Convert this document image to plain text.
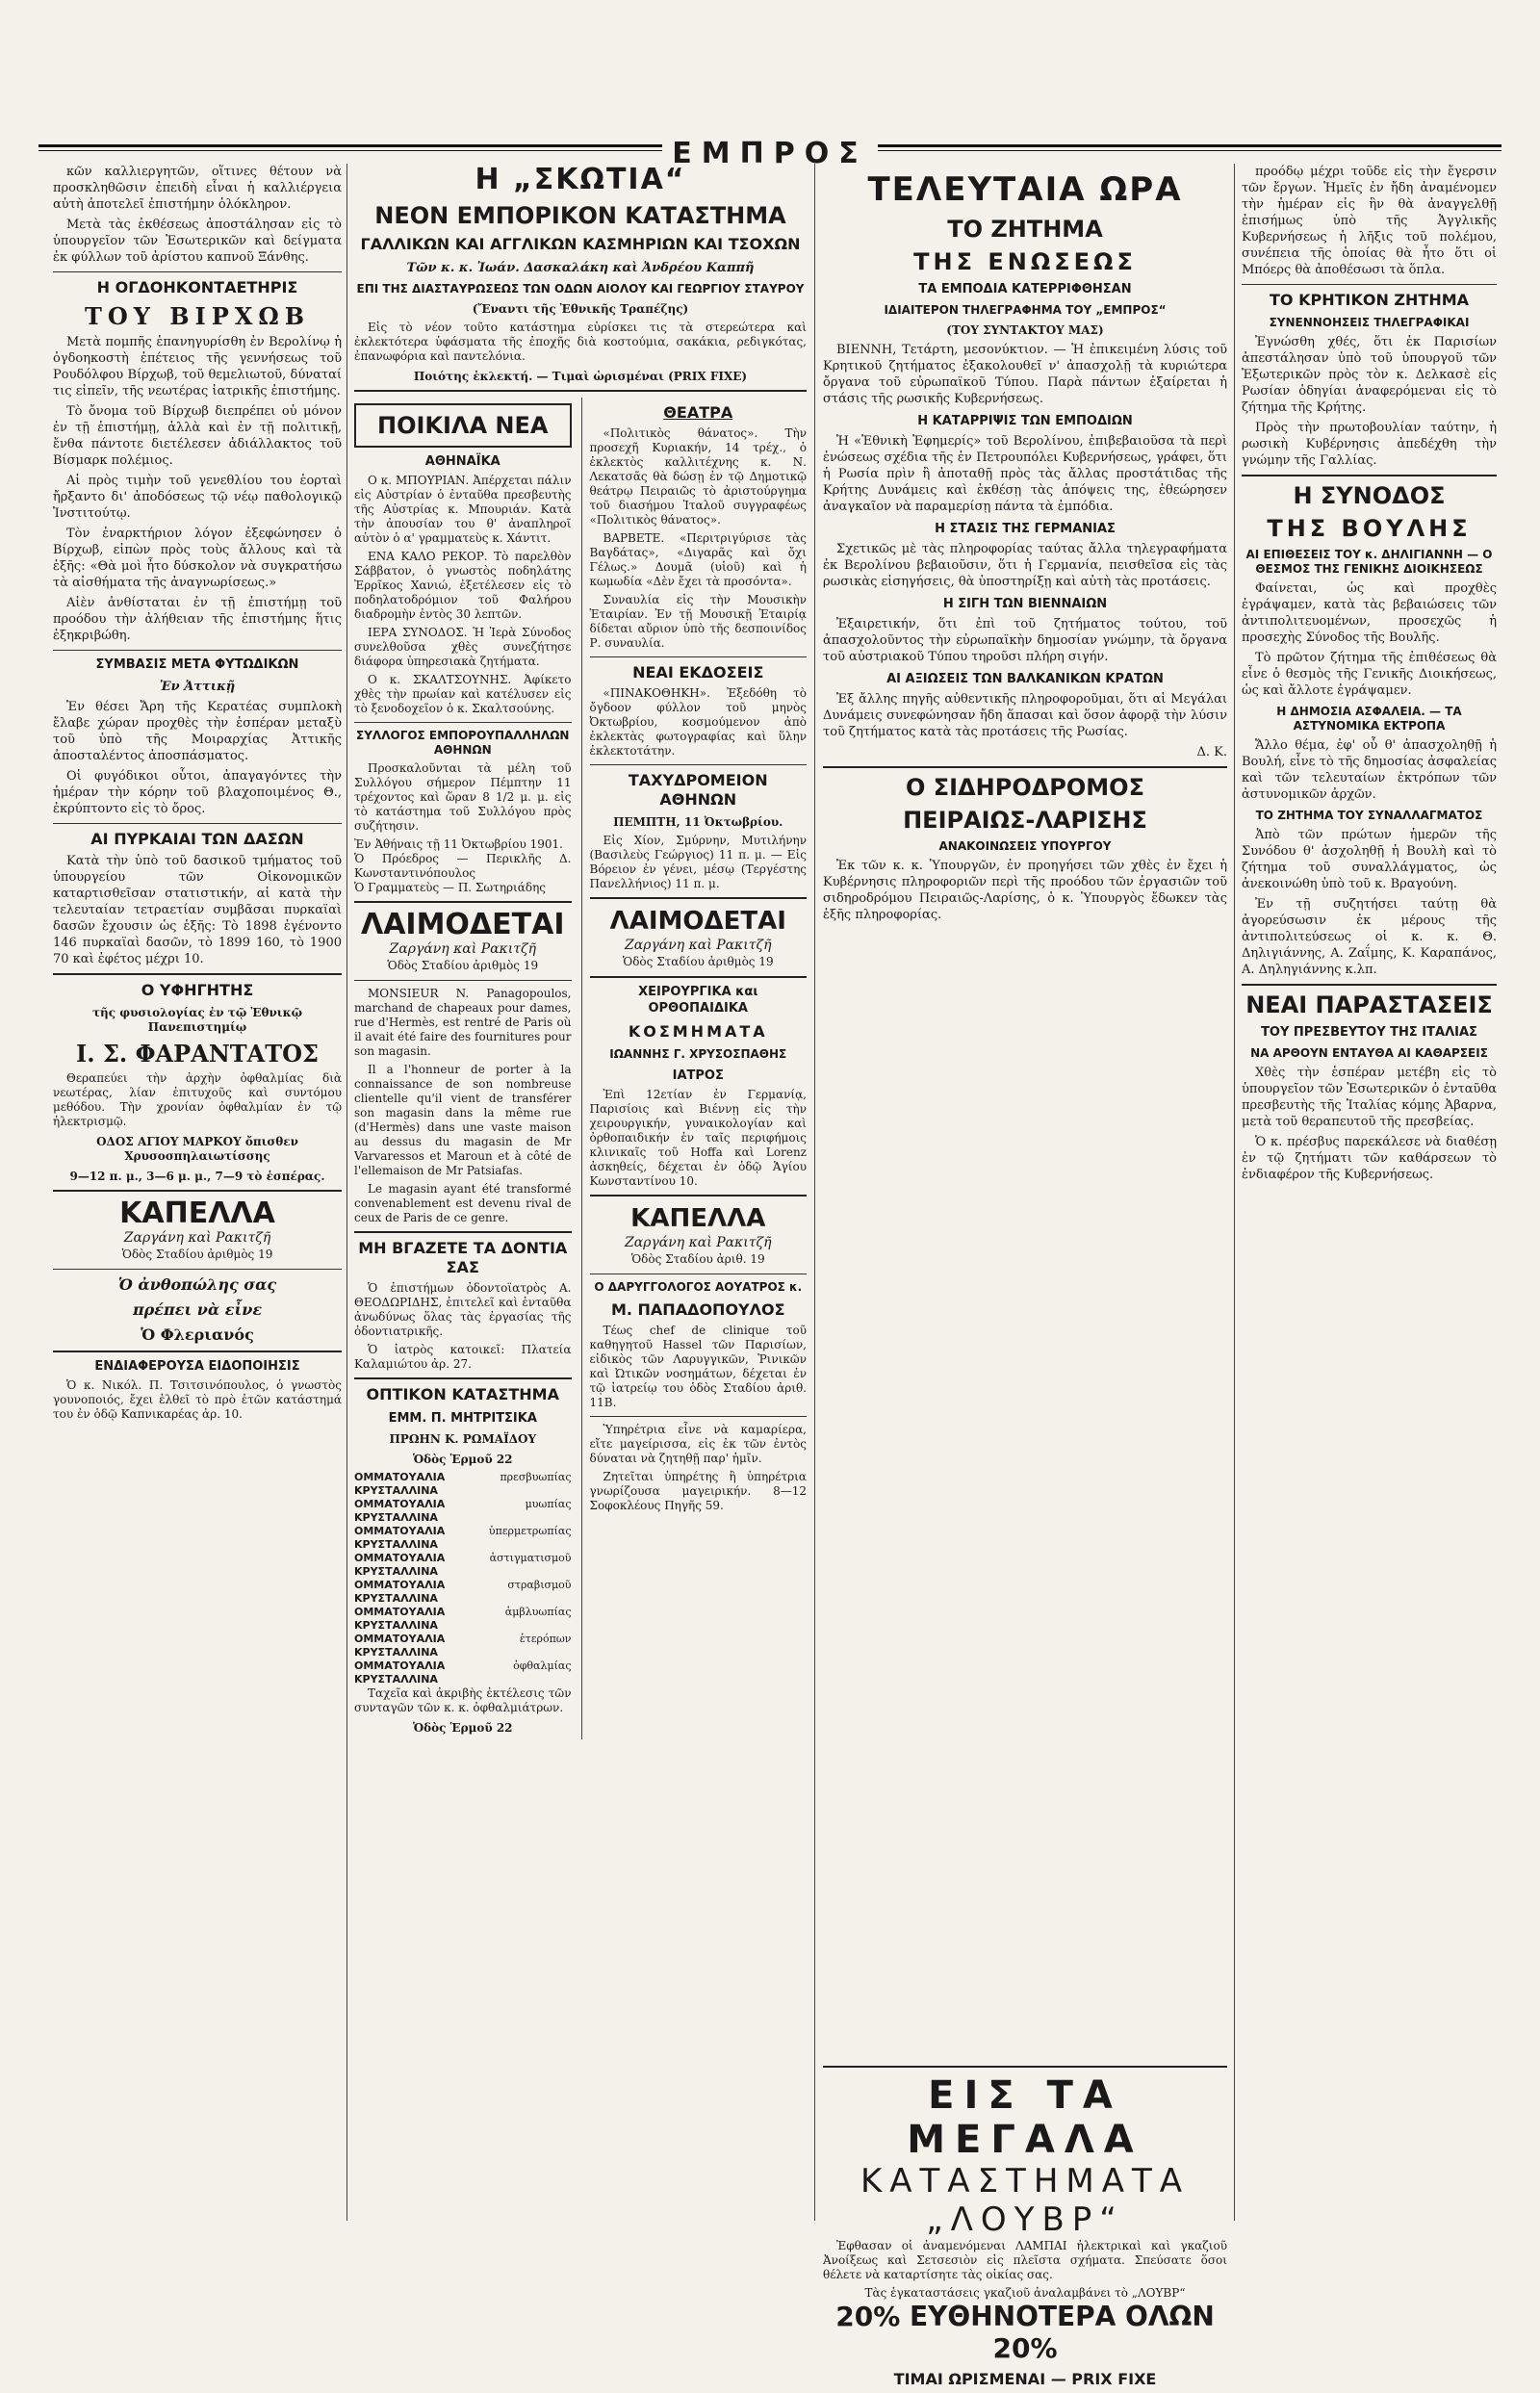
ΕΜΠΡΟΣ

κῶν καλλιεργητῶν, οἵτινες θέτουν νὰ προσκληθῶσιν ἐπειδὴ εἶναι ἡ καλλιέργεια αὐτὴ ἀποτελεῖ ἐπιστήμην ὁλόκληρον.

Μετὰ τὰς ἐκθέσεως ἀποστάλησαν εἰς τὸ ὑπουργεῖον τῶν Ἐσωτερικῶν καὶ δείγματα ἐκ φύλλων τοῦ ἀρίστου καπνοῦ Ξάνθης.

Η ΟΓΔΟΗΚΟΝΤΑΕΤΗΡΙΣ
ΤΟΥ ΒΙΡΧΩΒ

Μετὰ πομπῆς ἑπανηγυρίσθη ἐν Βερολίνῳ ἡ ὀγδοηκοστὴ ἐπέτειος τῆς γεννήσεως τοῦ Ρουδόλφου Βίρχωβ, τοῦ θεμελιωτοῦ, δύναταί τις εἰπεῖν, τῆς νεωτέρας ἰατρικῆς ἐπιστήμης.

Τὸ ὄνομα τοῦ Βίρχωβ διεπρέπει οὐ μόνον ἐν τῇ ἐπιστήμῃ, ἀλλὰ καὶ ἐν τῇ πολιτικῇ, ἔνθα πάντοτε διετέλεσεν ἀδιάλλακτος τοῦ Βίσμαρκ πολέμιος.

Αἱ πρὸς τιμὴν τοῦ γενεθλίου του ἑορταὶ ἤρξαντο δι' ἀποδόσεως τῷ νέῳ παθολογικῷ Ἰνστιτούτῳ.

Τὸν ἐναρκτήριον λόγον ἐξεφώνησεν ὁ Βίρχωβ, εἰπὼν πρὸς τοὺς ἄλλους καὶ τὰ ἑξῆς: «Θὰ μοὶ ἦτο δύσκολον νὰ συγκρατήσω τὰ αἰσθήματα τῆς ἀναγνωρίσεως.»

Αἰὲν ἀνθίσταται ἐν τῇ ἐπιστήμῃ τοῦ προόδου τὴν ἀλήθειαν τῆς ἐπιστήμης ἥτις ἐξηκριβώθη.

ΣΥΜΒΑΣΙΣ ΜΕΤΑ ΦΥΤΩΔΙΚΩΝ
Ἐν Ἀττικῇ

Ἐν θέσει Ἄρη τῆς Κερατέας συμπλοκὴ ἔλαβε χώραν προχθὲς τὴν ἑσπέραν μεταξὺ τοῦ ὑπὸ τῆς Μοιραρχίας Ἀττικῆς ἀποσταλέντος ἀποσπάσματος.

Οἱ φυγόδικοι οὗτοι, ἀπαγαγόντες τὴν ἡμέραν τὴν κόρην τοῦ βλαχοποιμένος Θ., ἐκρύπτοντο εἰς τὸ ὄρος.

ΑΙ ΠΥΡΚΑΙΑΙ ΤΩΝ ΔΑΣΩΝ

Κατὰ τὴν ὑπὸ τοῦ δασικοῦ τμήματος τοῦ ὑπουργείου τῶν Οἰκονομικῶν καταρτισθεῖσαν στατιστικήν, αἱ κατὰ τὴν τελευταίαν τετραετίαν συμβᾶσαι πυρκαϊαὶ δασῶν ἔχουσιν ὡς ἑξῆς: Τὸ 1898 ἐγένοντο 146 πυρκαϊαὶ δασῶν, τὸ 1899 160, τὸ 1900 70 καὶ ἐφέτος μέχρι 10.

Ο ΥΦΗΓΗΤΗΣ
τῆς φυσιολογίας ἐν τῷ Ἐθνικῷ Πανεπιστημίῳ
Ι. Σ. ΦΑΡΑΝΤΑΤΟΣ

Θεραπεύει τὴν ἀρχὴν ὀφθαλμίας διὰ νεωτέρας, λίαν ἐπιτυχοῦς καὶ συντόμου μεθόδου. Τὴν χρονίαν ὀφθαλμίαν ἐν τῷ ἠλεκτρισμῷ.

ΟΔΟΣ ΑΓΙΟΥ ΜΑΡΚΟΥ ὄπισθεν Χρυσοσπηλαιωτίσσης
9—12 π. μ., 3—6 μ. μ., 7—9 τὸ ἑσπέρας.
ΚΑΠΕΛΛΑ
Ζαργάνη καὶ Ρακιτζῆ
Ὁδὸς Σταδίου ἀριθμὸς 19
Ὁ ἀνθοπώλης σας
πρέπει νὰ εἶνε
Ὁ Φλεριανός
ΕΝΔΙΑΦΕΡΟΥΣΑ ΕΙΔΟΠΟΙΗΣΙΣ

Ὁ κ. Νικόλ. Π. Τσιτσινόπουλος, ὁ γνωστὸς γουνοποιός, ἔχει ἐλθεῖ τὸ πρὸ ἐτῶν κατάστημά του ἐν ὁδῷ Καπνικαρέας ἀρ. 10.

Η „ΣΚΩΤΙΑ“
ΝΕΟΝ ΕΜΠΟΡΙΚΟΝ ΚΑΤΑΣΤΗΜΑ
ΓΑΛΛΙΚΩΝ ΚΑΙ ΑΓΓΛΙΚΩΝ ΚΑΣΜΗΡΙΩΝ ΚΑΙ ΤΣΟΧΩΝ
Τῶν κ. κ. Ἰωάν. Δασκαλάκη καὶ Ἀνδρέου Καππῆ
ΕΠΙ ΤΗΣ ΔΙΑΣΤΑΥΡΩΣΕΩΣ ΤΩΝ ΟΔΩΝ ΑΙΟΛΟΥ ΚΑΙ ΓΕΩΡΓΙΟΥ ΣΤΑΥΡΟΥ
(Ἔναντι τῆς Ἐθνικῆς Τραπέζης)

Εἰς τὸ νέον τοῦτο κατάστημα εὑρίσκει τις τὰ στερεώτερα καὶ ἐκλεκτότερα ὑφάσματα τῆς ἐποχῆς διὰ κοστούμια, σακάκια, ρεδιγκότας, ἐπανωφόρια καὶ παντελόνια.

Ποιότης ἐκλεκτή. — Τιμαὶ ὡρισμέναι (PRIX FIXE)
ΠΟΙΚΙΛΑ ΝΕΑ
ΑΘΗΝΑΪΚΑ

Ο κ. ΜΠΟΥΡΙΑΝ. Ἀπέρχεται πάλιν εἰς Αὐστρίαν ὁ ἐνταῦθα πρεσβευτὴς τῆς Αὐστρίας κ. Μπουριάν. Κατὰ τὴν ἀπουσίαν του θ' ἀναπληροῖ αὐτὸν ὁ α' γραμματεὺς κ. Χάντιτ.

ΕΝΑ ΚΑΛΟ ΡΕΚΟΡ. Τὸ παρελθὸν Σάββατον, ὁ γνωστὸς ποδηλάτης Ἐρρῖκος Χανιώ, ἐξετέλεσεν εἰς τὸ ποδηλατοδρόμιον τοῦ Φαλήρου διαδρομὴν ἐντὸς 30 λεπτῶν.

ΙΕΡΑ ΣΥΝΟΔΟΣ. Ἡ Ἱερὰ Σύνοδος συνελθοῦσα χθὲς συνεζήτησε διάφορα ὑπηρεσιακὰ ζητήματα.

Ο κ. ΣΚΑΛΤΣΟΥΝΗΣ. Ἀφίκετο χθὲς τὴν πρωίαν καὶ κατέλυσεν εἰς τὸ ξενοδοχεῖον ὁ κ. Σκαλτσούνης.

ΣΥΛΛΟΓΟΣ ΕΜΠΟΡΟΥΠΑΛΛΗΛΩΝ ΑΘΗΝΩΝ

Προσκαλοῦνται τὰ μέλη τοῦ Συλλόγου σήμερον Πέμπτην 11 τρέχοντος καὶ ὥραν 8 1/2 μ. μ. εἰς τὸ κατάστημα τοῦ Συλλόγου πρὸς συζήτησιν.

Ἐν Ἀθήναις τῇ 11 Ὀκτωβρίου 1901.
Ὁ Πρόεδρος — Περικλῆς Δ. Κωνσταντινόπουλος
Ὁ Γραμματεὺς — Π. Σωτηριάδης
ΛΑΙΜΟΔΕΤΑΙ
Ζαργάνη καὶ Ρακιτζῆ
Ὁδὸς Σταδίου ἀριθμὸς 19

MONSIEUR N. Panagopoulos, marchand de chapeaux pour dames, rue d'Hermès, est rentré de Paris où il avait été faire des fournitures pour son magasin.

Il a l'honneur de porter à la connaissance de son nombreuse clientelle qu'il vient de transférer son magasin dans la même rue (d'Hermès) dans une vaste maison au dessus du magasin de Mr Varvaressos et Maroun et à côté de l'ellemaison de Mr Patsiafas.

Le magasin ayant été transformé convenablement est devenu rival de ceux de Paris de ce genre.

ΜΗ ΒΓΑΖΕΤΕ ΤΑ ΔΟΝΤΙΑ ΣΑΣ

Ὁ ἐπιστήμων ὀδοντοϊατρὸς Α. ΘΕΟΔΩΡΙΔΗΣ, ἐπιτελεῖ καὶ ἐνταῦθα ἀνωδύνως ὅλας τὰς ἐργασίας τῆς ὀδοντιατρικῆς.

Ὁ ἰατρὸς κατοικεῖ: Πλατεία Καλαμιώτου ἀρ. 27.

ΟΠΤΙΚΟΝ ΚΑΤΑΣΤΗΜΑ
ΕΜΜ. Π. ΜΗΤΡΙΤΣΙΚΑ
ΠΡΩΗΝ Κ. ΡΩΜΑΪΔΟΥ
Ὁδὸς Ἑρμοῦ 22
ΟΜΜΑΤΟΥΑΛΙΑ ΚΡΥΣΤΑΛΛΙΝΑ
πρεσβυωπίας
ΟΜΜΑΤΟΥΑΛΙΑ ΚΡΥΣΤΑΛΛΙΝΑ
μυωπίας
ΟΜΜΑΤΟΥΑΛΙΑ ΚΡΥΣΤΑΛΛΙΝΑ
ὑπερμετρωπίας
ΟΜΜΑΤΟΥΑΛΙΑ ΚΡΥΣΤΑΛΛΙΝΑ
ἀστιγματισμοῦ
ΟΜΜΑΤΟΥΑΛΙΑ ΚΡΥΣΤΑΛΛΙΝΑ
στραβισμοῦ
ΟΜΜΑΤΟΥΑΛΙΑ ΚΡΥΣΤΑΛΛΙΝΑ
ἀμβλυωπίας
ΟΜΜΑΤΟΥΑΛΙΑ ΚΡΥΣΤΑΛΛΙΝΑ
ἑτερόπων
ΟΜΜΑΤΟΥΑΛΙΑ ΚΡΥΣΤΑΛΛΙΝΑ
ὀφθαλμίας

Ταχεῖα καὶ ἀκριβὴς ἐκτέλεσις τῶν συνταγῶν τῶν κ. κ. ὀφθαλμιάτρων.

Ὁδὸς Ἑρμοῦ 22
ΘΕΑΤΡΑ

«Πολιτικὸς θάνατος». Τὴν προσεχῆ Κυριακήν, 14 τρέχ., ὁ ἐκλεκτὸς καλλιτέχνης κ. Ν. Λεκατσᾶς θὰ δώσῃ ἐν τῷ Δημοτικῷ θεάτρῳ Πειραιῶς τὸ ἀριστούργημα τοῦ διασήμου Ἰταλοῦ συγγραφέως «Πολιτικὸς θάνατος».

ΒΑΡΒΕΤΕ. «Περιτριγύρισε τὰς Βαγδάτας», «Διγαρᾶς καὶ ὄχι Γέλως.» Δουμᾶ (υἱοῦ) καὶ ἡ κωμωδία «Δὲν ἔχει τὰ προσόντα».

Συναυλία εἰς τὴν Μουσικὴν Ἑταιρίαν. Ἐν τῇ Μουσικῇ Ἑταιρίᾳ δίδεται αὔριον ὑπὸ τῆς δεσποινίδος Ρ. συναυλία.

ΝΕΑΙ ΕΚΔΟΣΕΙΣ

«ΠΙΝΑΚΟΘΗΚΗ». Ἐξεδόθη τὸ ὄγδοον φύλλον τοῦ μηνὸς Ὀκτωβρίου, κοσμούμενον ἀπὸ ἐκλεκτὰς φωτογραφίας καὶ ὕλην ἐκλεκτοτάτην.

ΤΑΧΥΔΡΟΜΕΙΟΝ ΑΘΗΝΩΝ
ΠΕΜΠΤΗ, 11 Ὀκτωβρίου.

Εἰς Χίον, Σμύρνην, Μυτιλήνην (Βασιλεὺς Γεώργιος) 11 π. μ. — Εἰς Βόρειον ἐν γένει, μέσῳ (Τεργέστης Πανελλήνιος) 11 π. μ.

ΛΑΙΜΟΔΕΤΑΙ
Ζαργάνη καὶ Ρακιτζῆ
Ὁδὸς Σταδίου ἀριθμὸς 19
ΧΕΙΡΟΥΡΓΙΚΑ και ΟΡΘΟΠΑΙΔΙΚΑ
ΚΟΣΜΗΜΑΤΑ
ΙΩΑΝΝΗΣ Γ. ΧΡΥΣΟΣΠΑΘΗΣ
ΙΑΤΡΟΣ

Ἐπὶ 12ετίαν ἐν Γερμανίᾳ, Παρισίοις καὶ Βιέννῃ εἰς τὴν χειρουργικήν, γυναικολογίαν καὶ ὀρθοπαιδικήν ἐν ταῖς περιφήμοις κλινικαῖς τοῦ Hoffa καὶ Lorenz ἀσκηθείς, δέχεται ἐν ὁδῷ Ἁγίου Κωνσταντίνου 10.

ΚΑΠΕΛΛΑ
Ζαργάνη καὶ Ρακιτζῆ
Ὁδὸς Σταδίου ἀριθ. 19
Ο ΔΑΡΥΓΓΟΛΟΓΟΣ ΑΟΥΑΤΡΟΣ κ.
Μ. ΠΑΠΑΔΟΠΟΥΛΟΣ

Τέως chef de clinique τοῦ καθηγητοῦ Hassel τῶν Παρισίων, εἰδικὸς τῶν Λαρυγγικῶν, Ῥινικῶν καὶ Ὠτικῶν νοσημάτων, δέχεται ἐν τῷ ἰατρείῳ του ὁδὸς Σταδίου ἀριθ. 11Β.

Ὑπηρέτρια εἶνε νὰ καμαρίερα, εἴτε μαγείρισσα, εἰς ἐκ τῶν ἐντὸς δύναται νὰ ζητηθῇ παρ' ἡμῖν.

Ζητεῖται ὑπηρέτης ἢ ὑπηρέτρια γνωρίζουσα μαγειρικήν. 8—12 Σοφοκλέους Πηγῆς 59.

ΤΕΛΕΥΤΑΙΑ ΩΡΑ
ΤΟ ΖΗΤΗΜΑ
ΤΗΣ ΕΝΩΣΕΩΣ
ΤΑ ΕΜΠΟΔΙΑ ΚΑΤΕΡΡΙΦΘΗΣΑΝ
ΙΔΙΑΙΤΕΡΟΝ ΤΗΛΕΓΡΑΦΗΜΑ ΤΟΥ „ΕΜΠΡΟΣ“
(ΤΟΥ ΣΥΝΤΑΚΤΟΥ ΜΑΣ)

ΒΙΕΝΝΗ, Τετάρτη, μεσονύκτιον. — Ἡ ἐπικειμένη λύσις τοῦ Κρητικοῦ ζητήματος ἐξακολουθεῖ ν' ἀπασχολῇ τὰ κυριώτερα ὄργανα τοῦ εὐρωπαϊκοῦ Τύπου. Παρὰ πάντων ἐξαίρεται ἡ στάσις τῆς ρωσικῆς Κυβερνήσεως.

Η ΚΑΤΑΡΡΙΨΙΣ ΤΩΝ ΕΜΠΟΔΙΩΝ

Ἡ «Ἐθνικὴ Ἐφημερίς» τοῦ Βερολίνου, ἐπιβεβαιοῦσα τὰ περὶ ἐνώσεως σχέδια τῆς ἐν Πετρουπόλει Κυβερνήσεως, γράφει, ὅτι ἡ Ρωσία πρὶν ἢ ἀποταθῇ πρὸς τὰς ἄλλας προστάτιδας τῆς Κρήτης Δυνάμεις καὶ ἐκθέσῃ τὰς ἀπόψεις της, ἐθεώρησεν ἀναγκαῖον νὰ παραμερίσῃ πάντα τὰ ἐμπόδια.

Η ΣΤΑΣΙΣ ΤΗΣ ΓΕΡΜΑΝΙΑΣ

Σχετικῶς μὲ τὰς πληροφορίας ταύτας ἄλλα τηλεγραφήματα ἐκ Βερολίνου βεβαιοῦσιν, ὅτι ἡ Γερμανία, πεισθεῖσα εἰς τὰς ρωσικὰς εἰσηγήσεις, θὰ ὑποστηρίξῃ καὶ αὐτὴ τὰς προτάσεις.

Η ΣΙΓΗ ΤΩΝ ΒΙΕΝΝΑΙΩΝ

Ἐξαιρετικήν, ὅτι ἐπὶ τοῦ ζητήματος τούτου, τοῦ ἀπασχολοῦντος τὴν εὐρωπαϊκὴν δημοσίαν γνώμην, τὰ ὄργανα τοῦ αὐστριακοῦ Τύπου τηροῦσι πλήρη σιγήν.

ΑΙ ΑΞΙΩΣΕΙΣ ΤΩΝ ΒΑΛΚΑΝΙΚΩΝ ΚΡΑΤΩΝ

Ἐξ ἄλλης πηγῆς αὐθεντικῆς πληροφοροῦμαι, ὅτι αἱ Μεγάλαι Δυνάμεις συνεφώνησαν ἤδη ἅπασαι καὶ ὅσον ἀφορᾷ τὴν λύσιν τοῦ ζητήματος κατὰ τὰς προτάσεις τῆς Ρωσίας.

Δ. Κ.
Ο ΣΙΔΗΡΟΔΡΟΜΟΣ
ΠΕΙΡΑΙΩΣ-ΛΑΡΙΣΗΣ
ΑΝΑΚΟΙΝΩΣΕΙΣ ΥΠΟΥΡΓΟΥ

Ἐκ τῶν κ. κ. Ὑπουργῶν, ἐν προηγήσει τῶν χθὲς ἐν ἔχει ἡ Κυβέρνησις πληροφοριῶν περὶ τῆς προόδου τῶν ἐργασιῶν τοῦ σιδηροδρόμου Πειραιῶς-Λαρίσης, ὁ κ. Ὑπουργὸς ἔδωκεν τὰς ἑξῆς πληροφορίας.

προόδῳ μέχρι τοῦδε εἰς τὴν ἔγερσιν τῶν ἔργων. Ἡμεῖς ἐν ἤδη ἀναμένομεν τὴν ἡμέραν εἰς ἣν θὰ ἀναγγελθῇ ἐπισήμως ὑπὸ τῆς Ἀγγλικῆς Κυβερνήσεως ἡ λῆξις τοῦ πολέμου, συνέπεια τῆς ὁποίας θὰ ἦτο ὅτι οἱ Μπόερς θὰ ἀποθέσωσι τὰ ὅπλα.

ΤΟ ΚΡΗΤΙΚΟΝ ΖΗΤΗΜΑ
ΣΥΝΕΝΝΟΗΣΕΙΣ ΤΗΛΕΓΡΑΦΙΚΑΙ

Ἐγνώσθη χθές, ὅτι ἐκ Παρισίων ἀπεστάλησαν ὑπὸ τοῦ ὑπουργοῦ τῶν Ἐξωτερικῶν πρὸς τὸν κ. Δελκασὲ εἰς Ρωσίαν ὁδηγίαι ἀναφερόμεναι εἰς τὸ ζήτημα τῆς Κρήτης.

Πρὸς τὴν πρωτοβουλίαν ταύτην, ἡ ρωσικὴ Κυβέρνησις ἀπεδέχθη τὴν γνώμην τῆς Γαλλίας.

Η ΣΥΝΟΔΟΣ
ΤΗΣ ΒΟΥΛΗΣ
ΑΙ ΕΠΙΘΕΣΕΙΣ ΤΟΥ κ. ΔΗΛΙΓΙΑΝΝΗ — Ο ΘΕΣΜΟΣ ΤΗΣ ΓΕΝΙΚΗΣ ΔΙΟΙΚΗΣΕΩΣ

Φαίνεται, ὡς καὶ προχθὲς ἐγράψαμεν, κατὰ τὰς βεβαιώσεις τῶν ἀντιπολιτευομένων, προσεχῶς ἡ προσεχὴς Σύνοδος τῆς Βουλῆς.

Τὸ πρῶτον ζήτημα τῆς ἐπιθέσεως θὰ εἶνε ὁ θεσμὸς τῆς Γενικῆς Διοικήσεως, ὡς καὶ ἄλλοτε ἐγράψαμεν.

Η ΔΗΜΟΣΙΑ ΑΣΦΑΛΕΙΑ. — ΤΑ ΑΣΤΥΝΟΜΙΚΑ ΕΚΤΡΟΠΑ

Ἄλλο θέμα, ἐφ' οὗ θ' ἀπασχοληθῇ ἡ Βουλή, εἶνε τὸ τῆς δημοσίας ἀσφαλείας καὶ τῶν τελευταίων ἐκτρόπων τῶν ἀστυνομικῶν ἀρχῶν.

ΤΟ ΖΗΤΗΜΑ ΤΟΥ ΣΥΝΑΛΛΑΓΜΑΤΟΣ

Ἀπὸ τῶν πρώτων ἡμερῶν τῆς Συνόδου θ' ἀσχοληθῇ ἡ Βουλὴ καὶ τὸ ζήτημα τοῦ συναλλάγματος, ὡς ἀνεκοινώθη ὑπὸ τοῦ κ. Βραγούνη.

Ἐν τῇ συζητήσει ταύτῃ θὰ ἀγορεύσωσιν ἐκ μέρους τῆς ἀντιπολιτεύσεως οἱ κ. κ. Θ. Δηλιγιάννης, Α. Ζαΐμης, Κ. Καραπάνος, Α. Δηληγιάννης κ.λπ.

ΝΕΑΙ ΠΑΡΑΣΤΑΣΕΙΣ
ΤΟΥ ΠΡΕΣΒΕΥΤΟΥ ΤΗΣ ΙΤΑΛΙΑΣ
ΝΑ ΑΡΘΟΥΝ ΕΝΤΑΥΘΑ ΑΙ ΚΑΘΑΡΣΕΙΣ

Χθὲς τὴν ἑσπέραν μετέβη εἰς τὸ ὑπουργεῖον τῶν Ἐσωτερικῶν ὁ ἐνταῦθα πρεσβευτὴς τῆς Ἰταλίας κόμης Ἀβαρνα, μετὰ τοῦ θεραπευτοῦ τῆς πρεσβείας.

Ὁ κ. πρέσβυς παρεκάλεσε νὰ διαθέσῃ ἐν τῷ ζητήματι τῶν καθάρσεων τὸ ἐνδιαφέρον τῆς Κυβερνήσεως.

ΕΙΣ ΤΑ ΜΕΓΑΛΑ
ΚΑΤΑΣΤΗΜΑΤΑ „ΛΟΥΒΡ“

Ἐφθασαν οἱ ἀναμενόμεναι ΛΑΜΠΑΙ ἠλεκτρικαὶ καὶ γκαζιοῦ Ἀνοίξεως καὶ Σετσεσιὸν εἰς πλεῖστα σχήματα. Σπεύσατε ὅσοι θέλετε νὰ καταρτίσητε τὰς οἰκίας σας.

Τὰς ἐγκαταστάσεις γκαζιοῦ ἀναλαμβάνει τὸ „ΛΟΥΒΡ“
20% ΕΥΘΗΝΟΤΕΡΑ ΟΛΩΝ 20%
ΤΙΜΑΙ ΩΡΙΣΜΕΝΑΙ — PRIX FIXE
